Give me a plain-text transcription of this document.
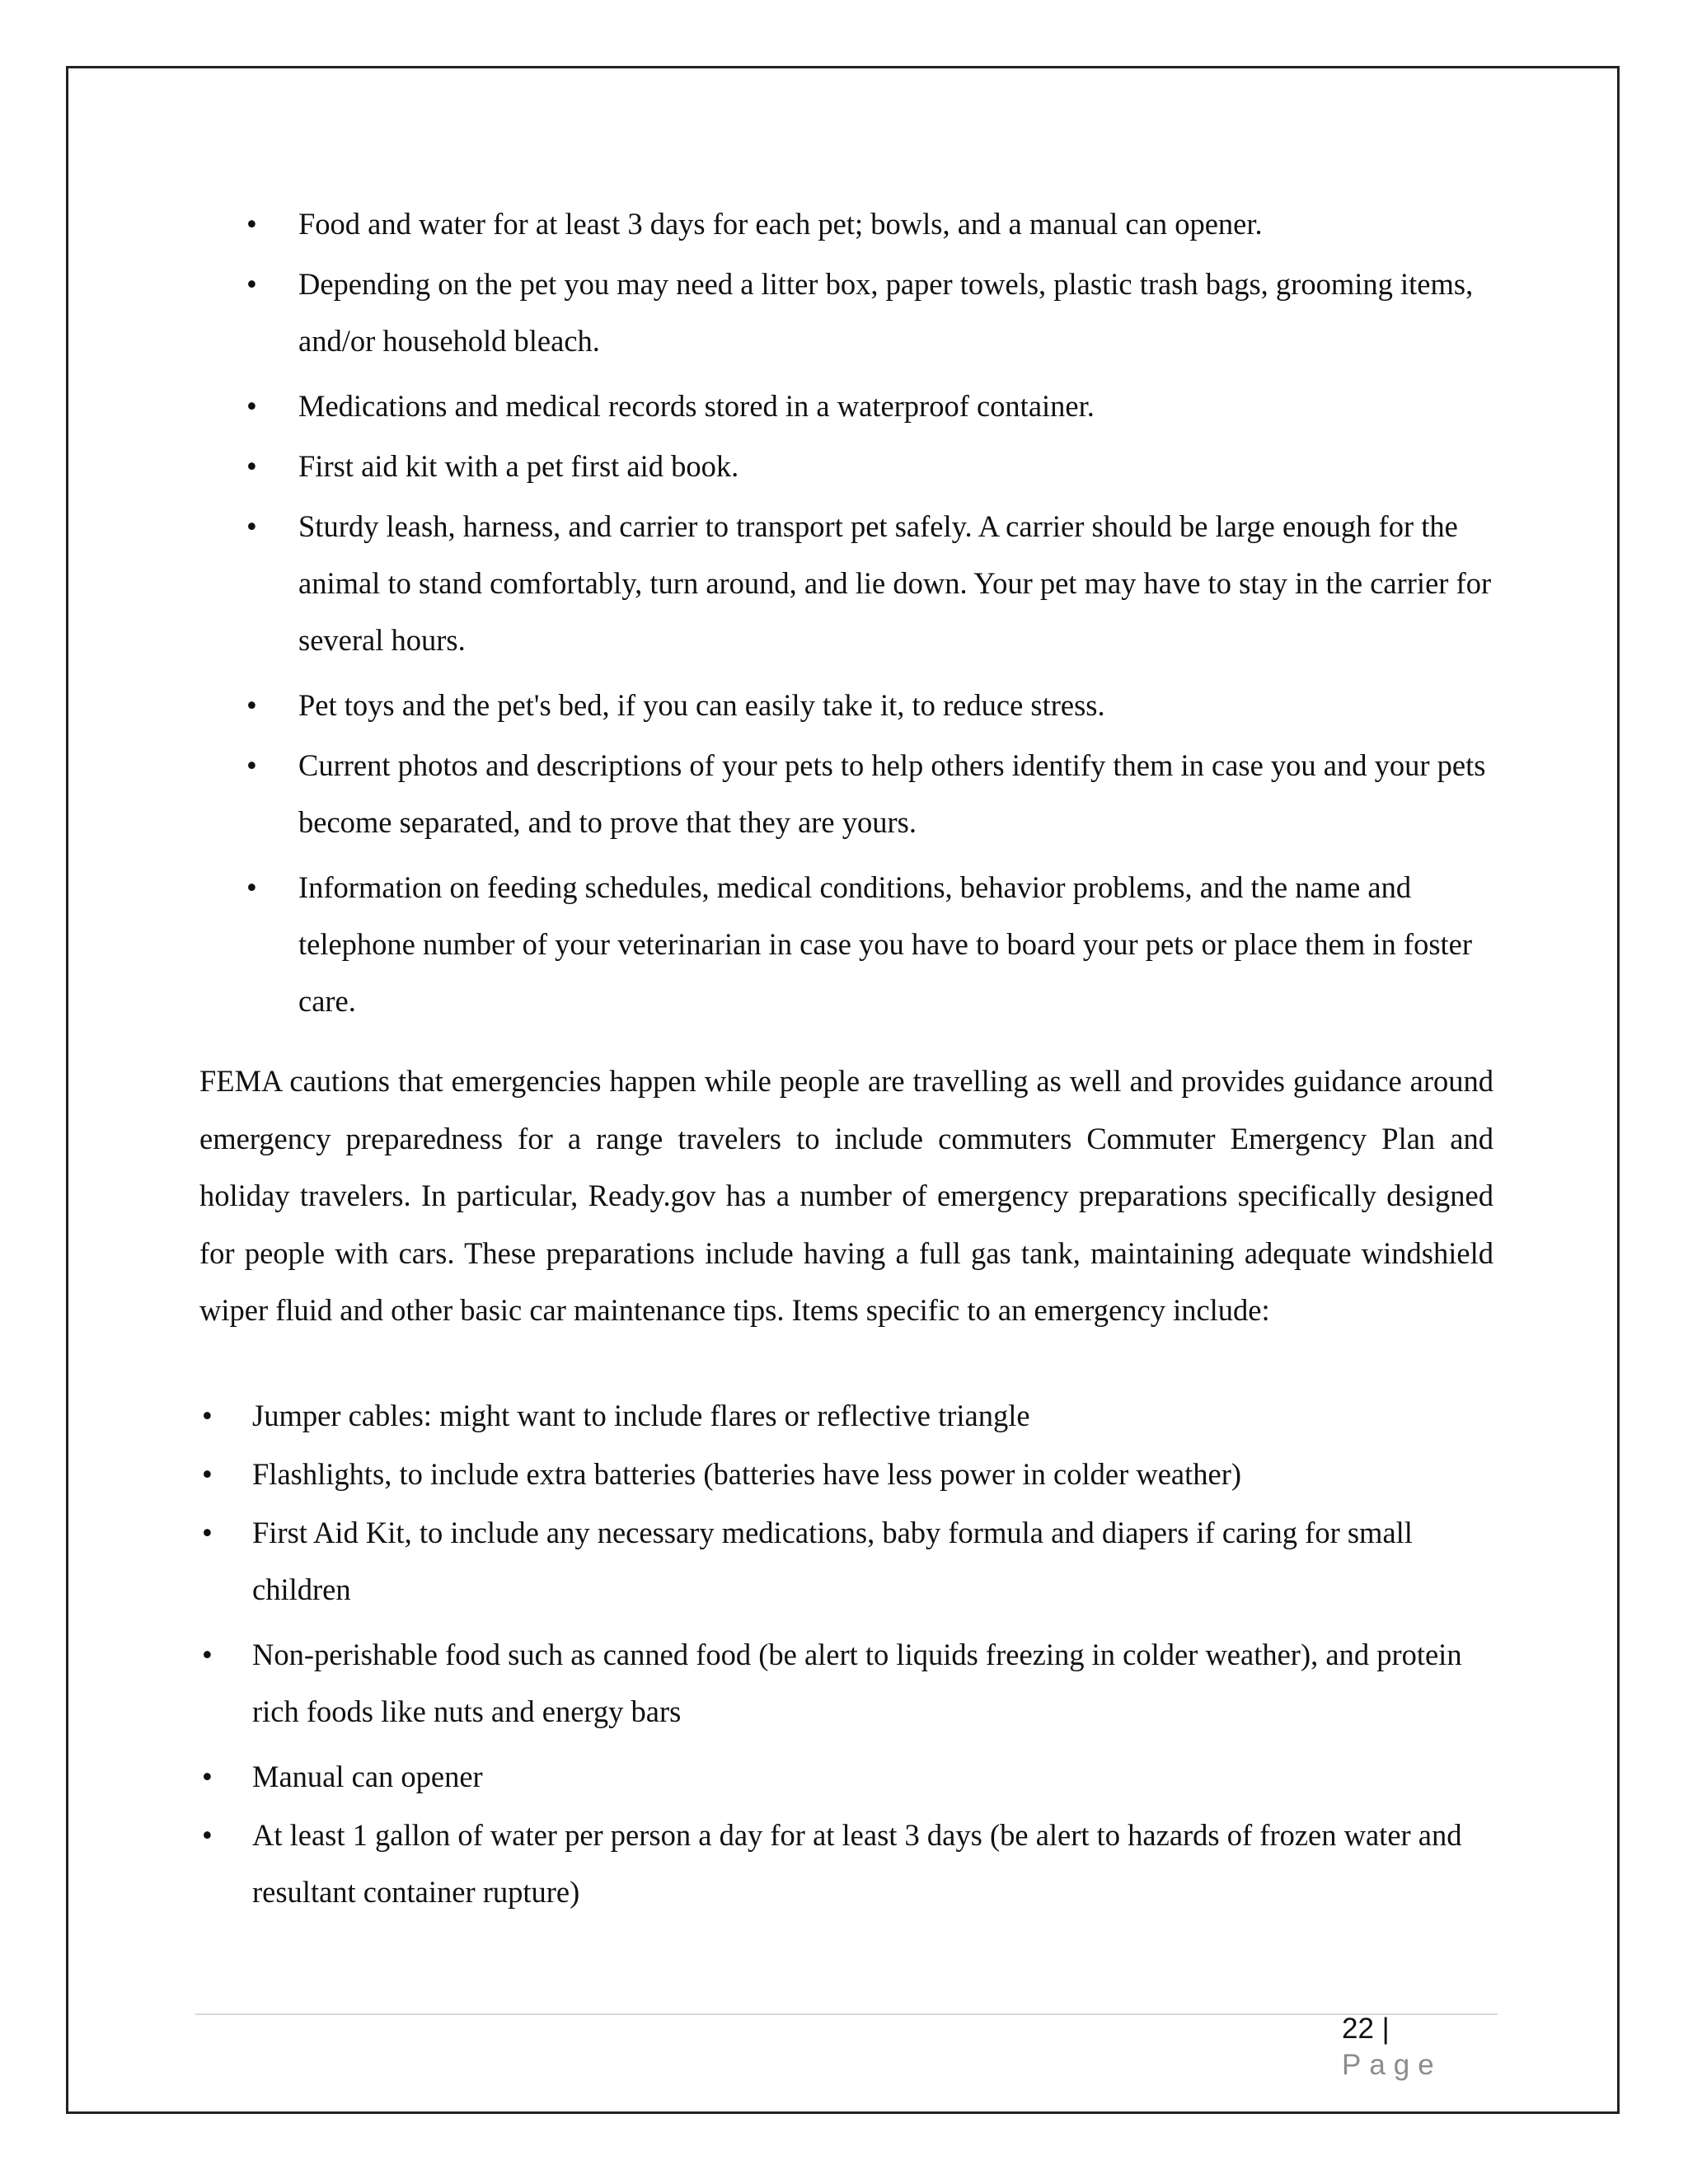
• Food and water for at least 3 days for each pet; bowls, and a manual can opener.
• Depending on the pet you may need a litter box, paper towels, plastic trash bags, grooming items, and/or household bleach.
• Medications and medical records stored in a waterproof container.
• First aid kit with a pet first aid book.
• Sturdy leash, harness, and carrier to transport pet safely. A carrier should be large enough for the animal to stand comfortably, turn around, and lie down. Your pet may have to stay in the carrier for several hours.
• Pet toys and the pet's bed, if you can easily take it, to reduce stress.
• Current photos and descriptions of your pets to help others identify them in case you and your pets become separated, and to prove that they are yours.
• Information on feeding schedules, medical conditions, behavior problems, and the name and telephone number of your veterinarian in case you have to board your pets or place them in foster care.

FEMA cautions that emergencies happen while people are travelling as well and provides guidance around emergency preparedness for a range travelers to include commuters Commuter Emergency Plan and holiday travelers. In particular, Ready.gov has a number of emergency preparations specifically designed for people with cars. These preparations include having a full gas tank, maintaining adequate windshield wiper fluid and other basic car maintenance tips. Items specific to an emergency include:

• Jumper cables: might want to include flares or reflective triangle
• Flashlights, to include extra batteries (batteries have less power in colder weather)
• First Aid Kit, to include any necessary medications, baby formula and diapers if caring for small children
• Non-perishable food such as canned food (be alert to liquids freezing in colder weather), and protein rich foods like nuts and energy bars
• Manual can opener
• At least 1 gallon of water per person a day for at least 3 days (be alert to hazards of frozen water and resultant container rupture)
22 | Page
